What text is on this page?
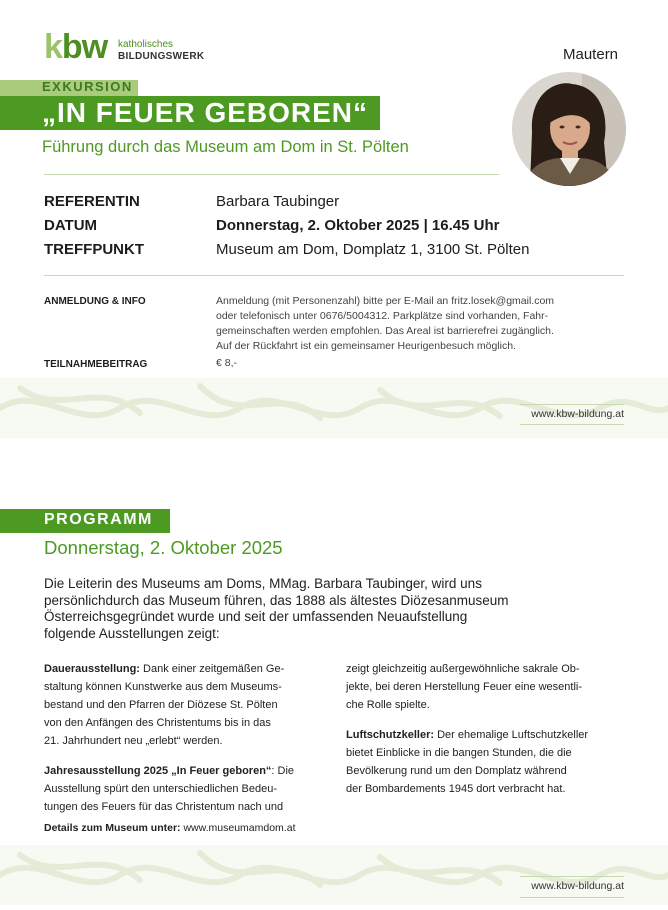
kbw katholisches
BILDUNGSWERK	Mautern
EXKURSION
„IN FEUER GEBOREN“
Führung durch das Museum am Dom in St. Pölten
REFERENTIN	Barbara Taubinger
DATUM	Donnerstag, 2. Oktober 2025 | 16.45 Uhr
TREFFPUNKT	Museum am Dom, Domplatz 1, 3100 St. Pölten
ANMELDUNG & INFO	Anmeldung (mit Personenzahl) bitte per E-Mail an fritz.losek@gmail.com
oder telefonisch unter 0676/5004312. Parkplätze sind vorhanden, Fahr-
gemeinschaften werden empfohlen. Das Areal ist barrierefrei zugänglich.
Auf der Rückfahrt ist ein gemeinsamer Heurigenbesuch möglich.
TEILNAHMEBEITRAG	€ 8,-
www.kbw-bildung.at
PROGRAMM
Donnerstag, 2. Oktober 2025
Die Leiterin des Museums am Doms, MMag. Barbara Taubinger, wird uns
persönlichdurch das Museum führen, das 1888 als ältestes Diözesanmuseum
Österreichsgegründet wurde und seit der umfassenden Neuaufstellung
folgende Ausstellungen zeigt:
Dauerausstellung: Dank einer zeitgemäßen Ge-
staltung können Kunstwerke aus dem Museums-
bestand und den Pfarren der Diözese St. Pölten
von den Anfängen des Christentums bis in das
21. Jahrhundert neu „erlebt“ werden.
Jahresausstellung 2025 „In Feuer geboren“: Die
Ausstellung spürt den unterschiedlichen Bedeu-
tungen des Feuers für das Christentum nach und
zeigt gleichzeitig außergewöhnliche sakrale Ob-
jekte, bei deren Herstellung Feuer eine wesentli-
che Rolle spielte.
Luftschutzkeller: Der ehemalige Luftschutzkeller
bietet Einblicke in die bangen Stunden, die die
Bevölkerung rund um den Domplatz während
der Bombardements 1945 dort verbracht hat.
Details zum Museum unter: www.museumamdom.at
www.kbw-bildung.at
